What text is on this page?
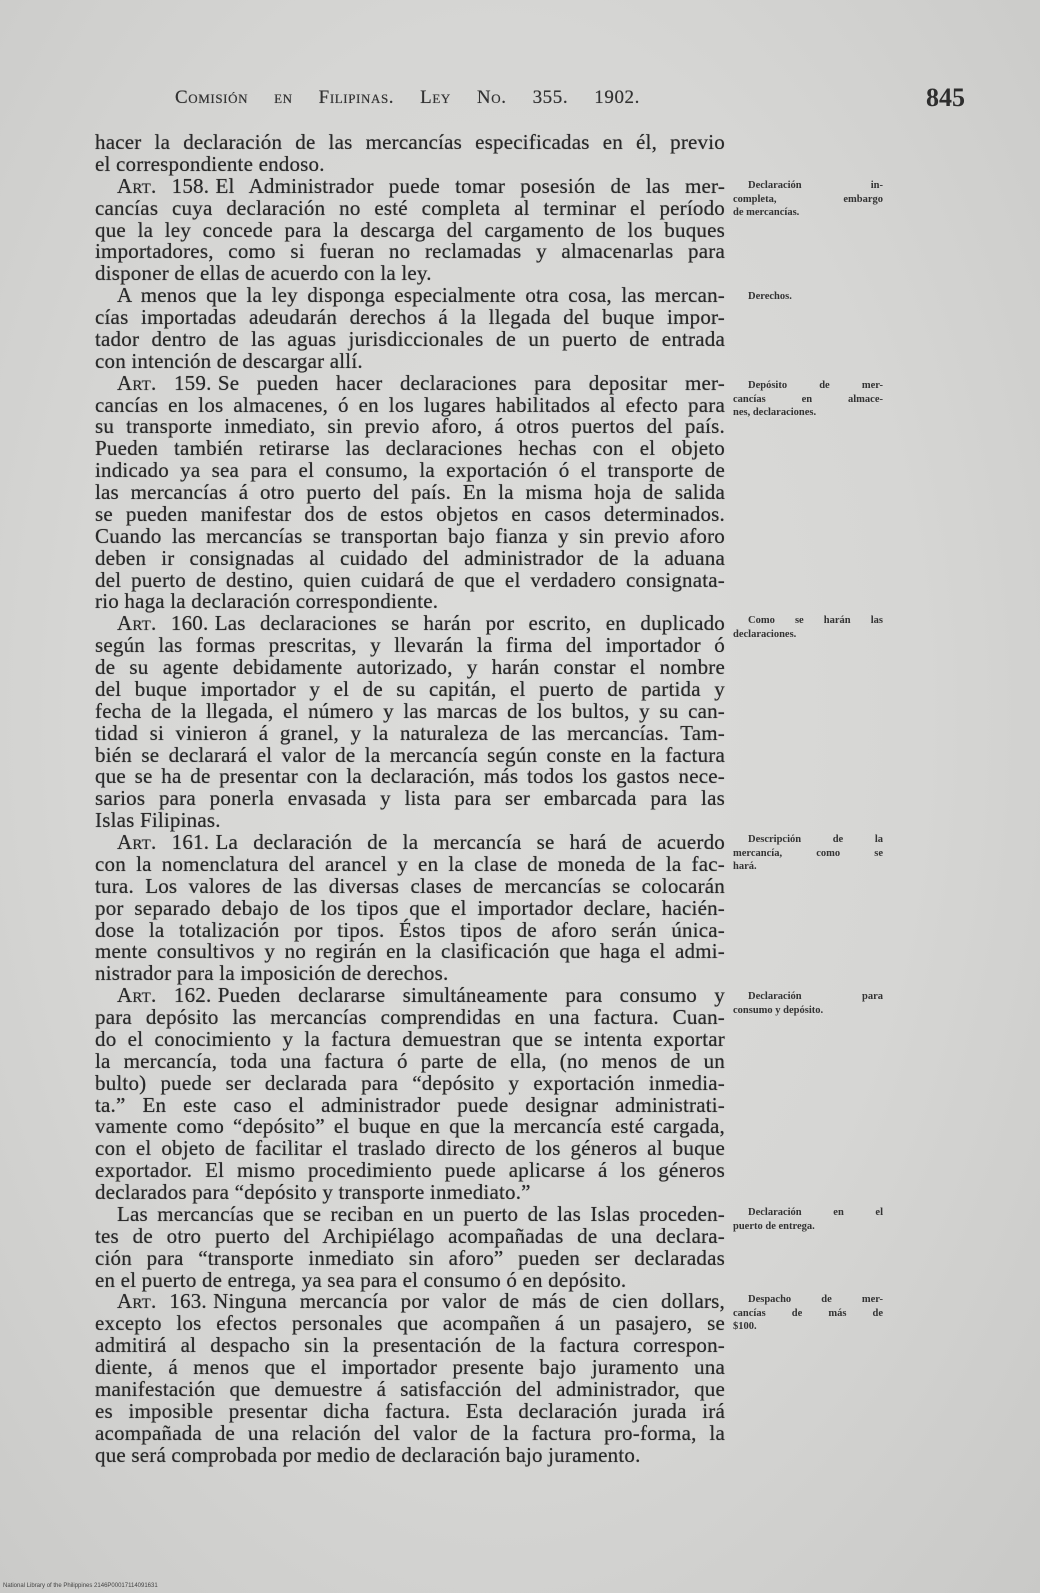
Comisión en Filipinas. Ley No. 355. 1902.	845
hacer la declaración de las mercancías especificadas en él, previo
el correspondiente endoso.
Art. 158. El Administrador puede tomar posesión de las mer-
cancías cuya declaración no esté completa al terminar el período
que la ley concede para la descarga del cargamento de los buques
importadores, como si fueran no reclamadas y almacenarlas para
disponer de ellas de acuerdo con la ley.
A menos que la ley disponga especialmente otra cosa, las mercan-
cías importadas adeudarán derechos á la llegada del buque impor-
tador dentro de las aguas jurisdiccionales de un puerto de entrada
con intención de descargar allí.
Art. 159. Se pueden hacer declaraciones para depositar mer-
cancías en los almacenes, ó en los lugares habilitados al efecto para
su transporte inmediato, sin previo aforo, á otros puertos del país.
Pueden también retirarse las declaraciones hechas con el objeto
indicado ya sea para el consumo, la exportación ó el transporte de
las mercancías á otro puerto del país. En la misma hoja de salida
se pueden manifestar dos de estos objetos en casos determinados.
Cuando las mercancías se transportan bajo fianza y sin previo aforo
deben ir consignadas al cuidado del administrador de la aduana
del puerto de destino, quien cuidará de que el verdadero consignata-
rio haga la declaración correspondiente.
Art. 160. Las declaraciones se harán por escrito, en duplicado
según las formas prescritas, y llevarán la firma del importador ó
de su agente debidamente autorizado, y harán constar el nombre
del buque importador y el de su capitán, el puerto de partida y
fecha de la llegada, el número y las marcas de los bultos, y su can-
tidad si vinieron á granel, y la naturaleza de las mercancías. Tam-
bién se declarará el valor de la mercancía según conste en la factura
que se ha de presentar con la declaración, más todos los gastos nece-
sarios para ponerla envasada y lista para ser embarcada para las
Islas Filipinas.
Art. 161. La declaración de la mercancía se hará de acuerdo
con la nomenclatura del arancel y en la clase de moneda de la fac-
tura. Los valores de las diversas clases de mercancías se colocarán
por separado debajo de los tipos que el importador declare, hacién-
dose la totalización por tipos. Éstos tipos de aforo serán única-
mente consultivos y no regirán en la clasificación que haga el admi-
nistrador para la imposición de derechos.
Art. 162. Pueden declararse simultáneamente para consumo y
para depósito las mercancías comprendidas en una factura. Cuan-
do el conocimiento y la factura demuestran que se intenta exportar
la mercancía, toda una factura ó parte de ella, (no menos de un
bulto) puede ser declarada para “depósito y exportación inmedia-
ta.” En este caso el administrador puede designar administrati-
vamente como “depósito” el buque en que la mercancía esté cargada,
con el objeto de facilitar el traslado directo de los géneros al buque
exportador. El mismo procedimiento puede aplicarse á los géneros
declarados para “depósito y transporte inmediato.”
Las mercancías que se reciban en un puerto de las Islas proceden-
tes de otro puerto del Archipiélago acompañadas de una declara-
ción para “transporte inmediato sin aforo” pueden ser declaradas
en el puerto de entrega, ya sea para el consumo ó en depósito.
Art. 163. Ninguna mercancía por valor de más de cien dollars,
excepto los efectos personales que acompañen á un pasajero, se
admitirá al despacho sin la presentación de la factura correspon-
diente, á menos que el importador presente bajo juramento una
manifestación que demuestre á satisfacción del administrador, que
es imposible presentar dicha factura. Esta declaración jurada irá
acompañada de una relación del valor de la factura pro-forma, la
que será comprobada por medio de declaración bajo juramento.
Declaración in-
completa, embargo
de mercancías.
Derechos.
Depósito de mer-
cancías en almace-
nes, declaraciones.
Como se harán las
declaraciones.
Descripción de la
mercancía, como se
hará.
Declaración para
consumo y depósito.
Declaración en el
puerto de entrega.
Despacho de mer-
cancías de más de
$100.
National Library of the Philippines 2146P00017114091631
